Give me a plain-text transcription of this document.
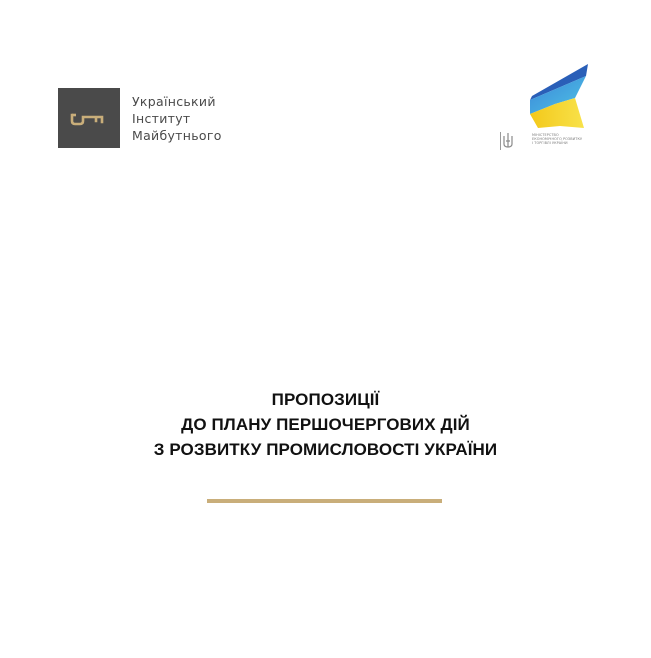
Український
Інститут
Майбутнього	МІНІСТЕРСТВО
ЕКОНОМІЧНОГО РОЗВИТКУ
І ТОРГІВЛІ УКРАЇНИ
ПРОПОЗИЦІЇ
ДО ПЛАНУ ПЕРШОЧЕРГОВИХ ДІЙ
З РОЗВИТКУ ПРОМИСЛОВОСТІ УКРАЇНИ
